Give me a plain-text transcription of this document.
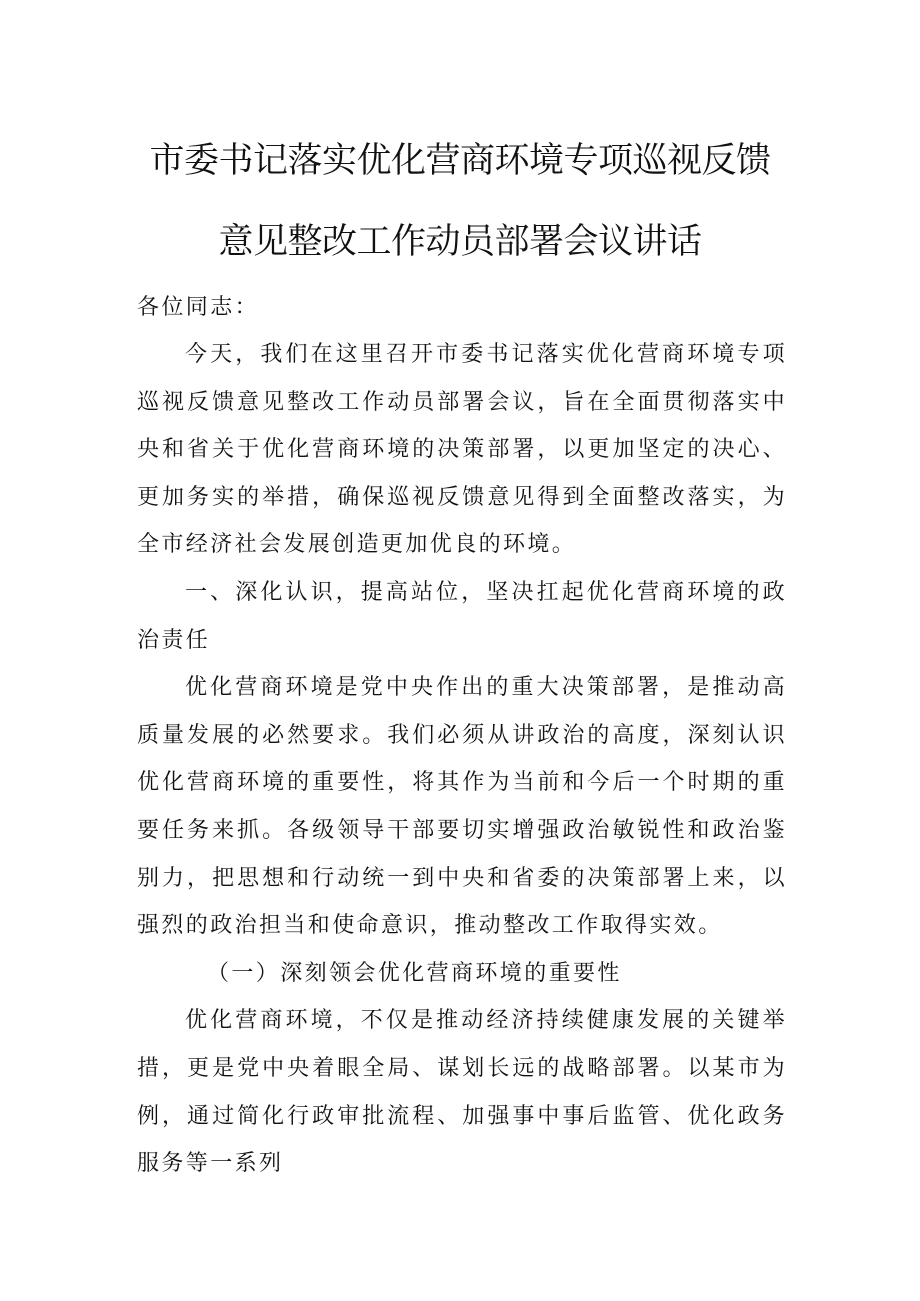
市委书记落实优化营商环境专项巡视反馈
意见整改工作动员部署会议讲话
各位同志：

今天，我们在这里召开市委书记落实优化营商环境专项巡视反馈意见整改工作动员部署会议，旨在全面贯彻落实中央和省关于优化营商环境的决策部署，以更加坚定的决心、更加务实的举措，确保巡视反馈意见得到全面整改落实，为全市经济社会发展创造更加优良的环境。

一、深化认识，提高站位，坚决扛起优化营商环境的政治责任

优化营商环境是党中央作出的重大决策部署，是推动高质量发展的必然要求。我们必须从讲政治的高度，深刻认识优化营商环境的重要性，将其作为当前和今后一个时期的重要任务来抓。各级领导干部要切实增强政治敏锐性和政治鉴别力，把思想和行动统一到中央和省委的决策部署上来，以强烈的政治担当和使命意识，推动整改工作取得实效。

（一）深刻领会优化营商环境的重要性

优化营商环境，不仅是推动经济持续健康发展的关键举措，更是党中央着眼全局、谋划长远的战略部署。以某市为例，通过简化行政审批流程、加强事中事后监管、优化政务服务等一系列
